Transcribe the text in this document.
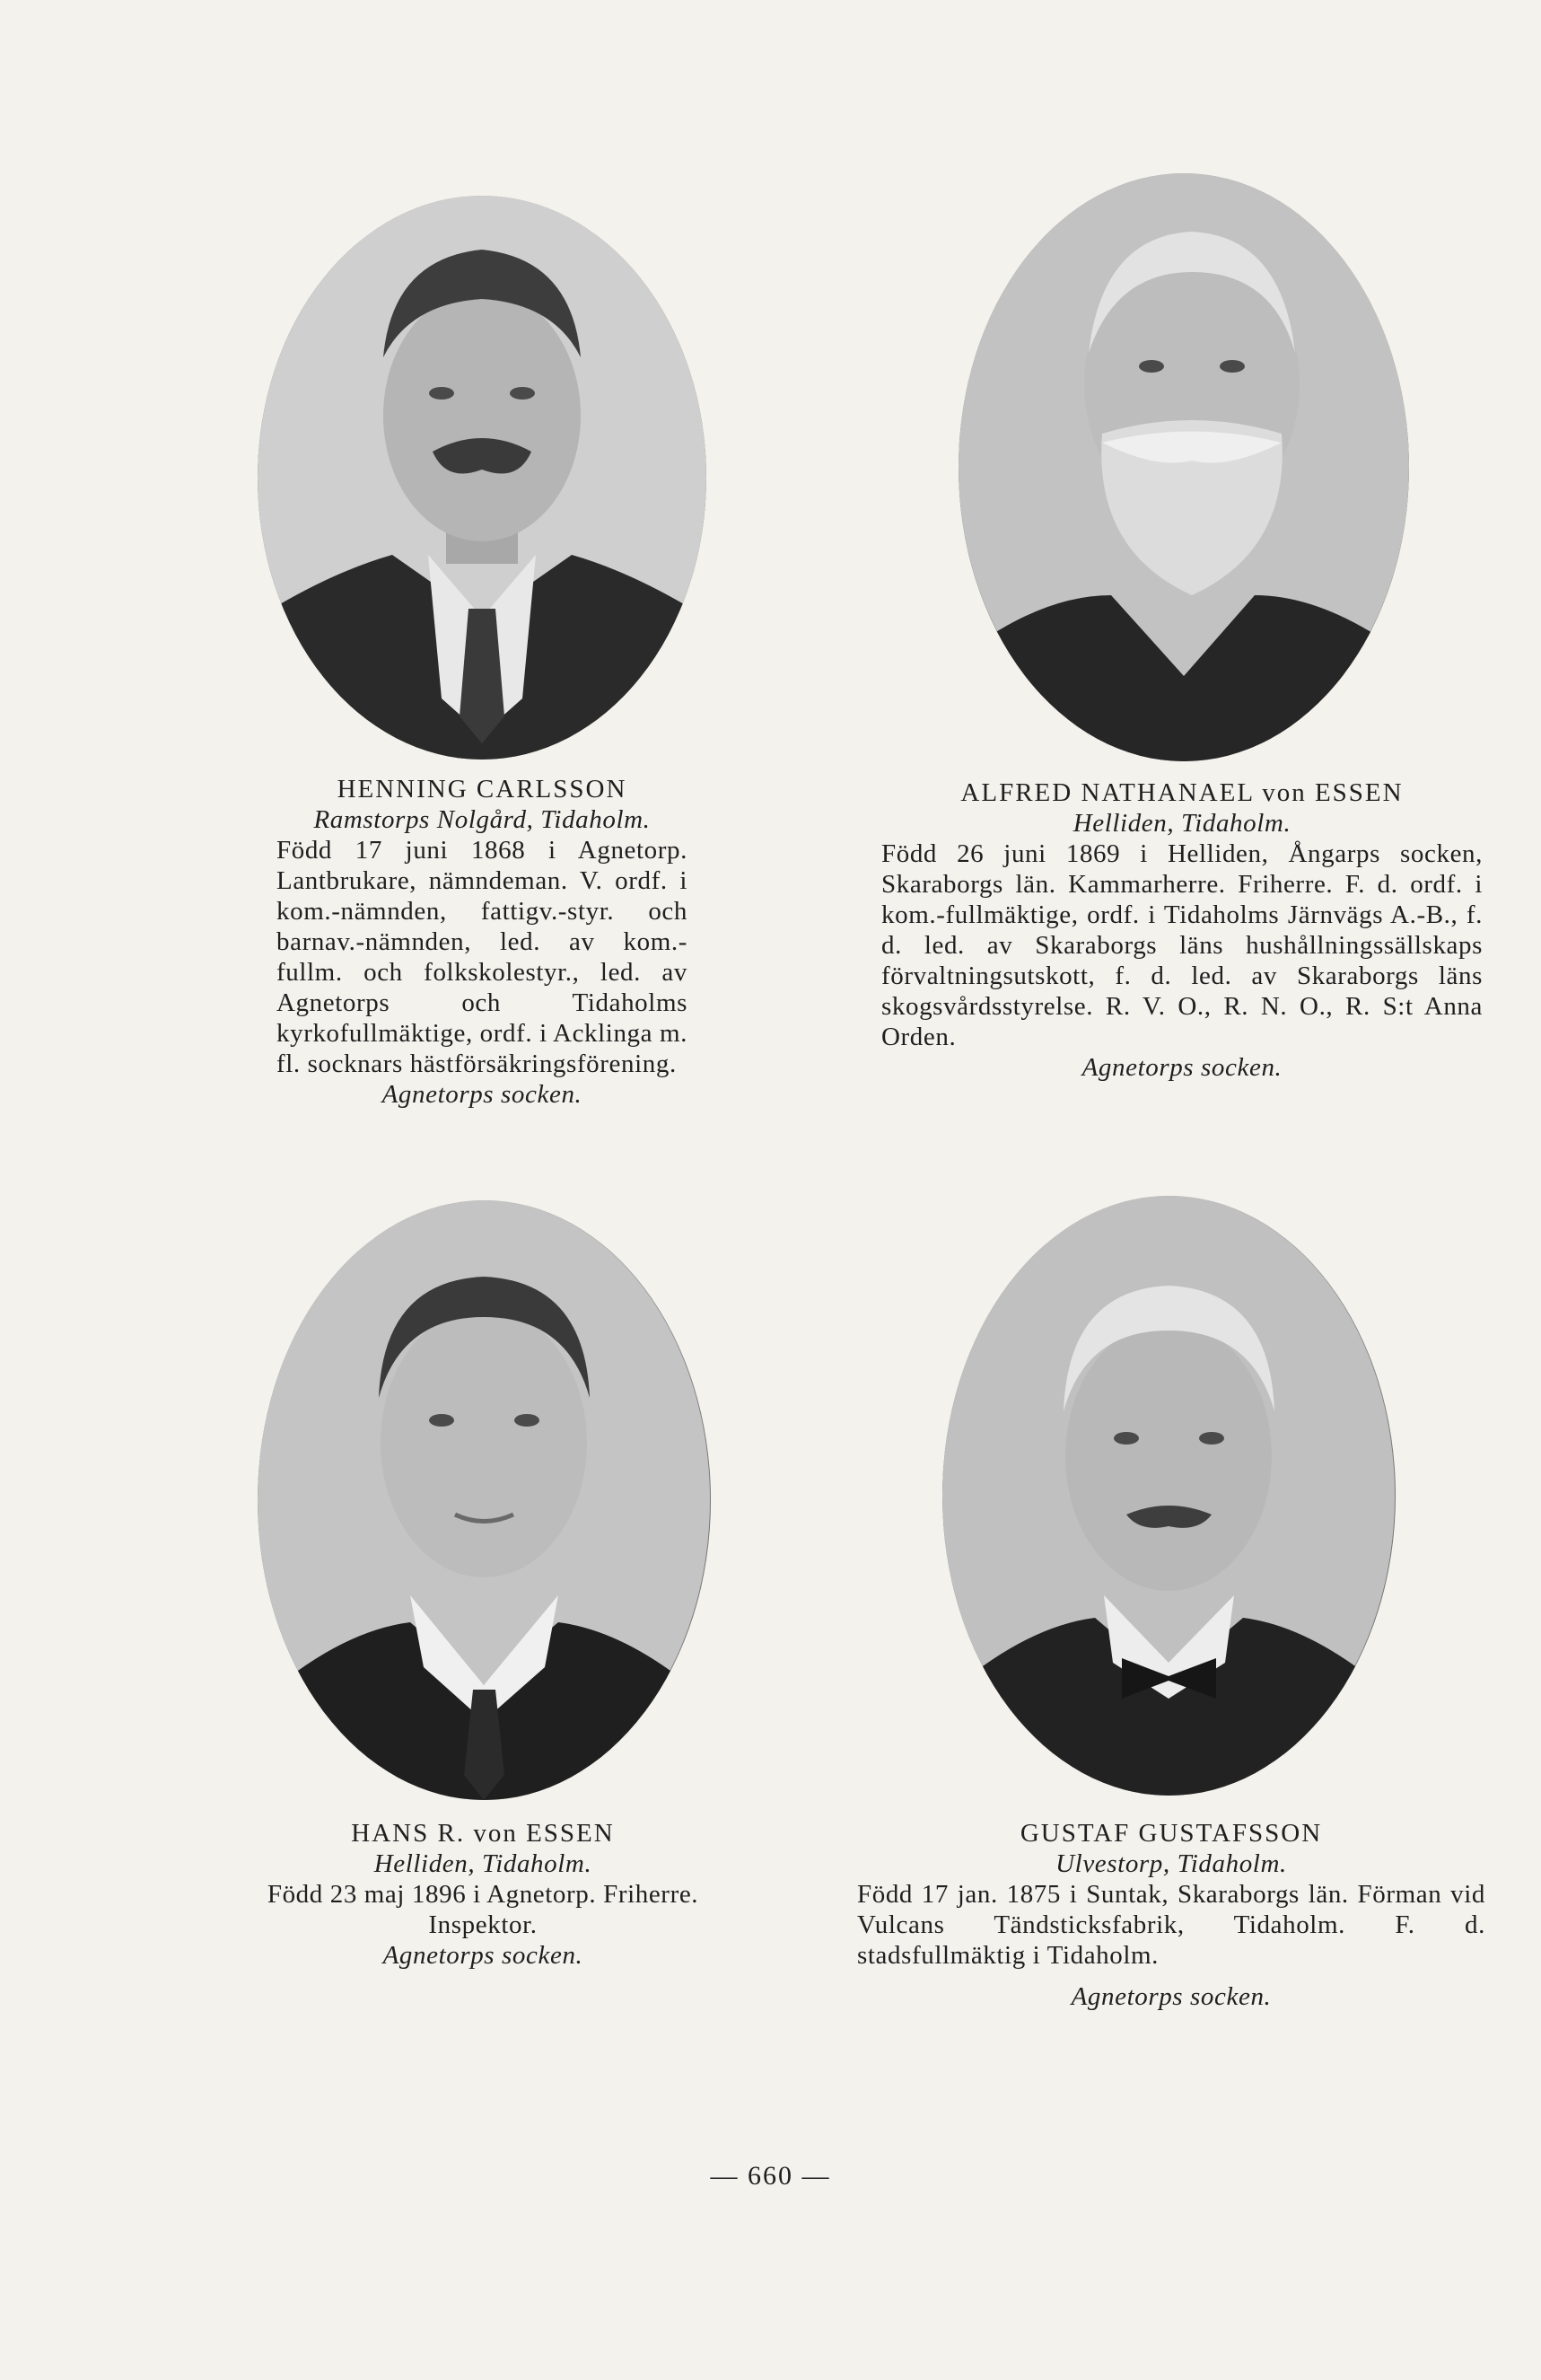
HENNING CARLSSON
Ramstorps Nolgård, Tidaholm.
Född 17 juni 1868 i Agnetorp. Lantbrukare, nämndeman. V. ordf. i kom.-nämnden, fattigv.-styr. och barnav.-nämnden, led. av kom.-fullm. och folkskolestyr., led. av Agnetorps och Tidaholms kyrkofullmäktige, ordf. i Acklinga m. fl. socknars hästförsäkringsförening.
Agnetorps socken.
ALFRED NATHANAEL von ESSEN
Helliden, Tidaholm.
Född 26 juni 1869 i Helliden, Ångarps socken, Skaraborgs län. Kammarherre. Friherre. F. d. ordf. i kom.-fullmäktige, ordf. i Tidaholms Järnvägs A.-B., f. d. led. av Skaraborgs läns hushållningssällskaps förvaltningsutskott, f. d. led. av Skaraborgs läns skogsvårdsstyrelse. R. V. O., R. N. O., R. S:t Anna Orden.
Agnetorps socken.
HANS R. von ESSEN
Helliden, Tidaholm.
Född 23 maj 1896 i Agnetorp. Friherre. Inspektor.
Agnetorps socken.
GUSTAF GUSTAFSSON
Ulvestorp, Tidaholm.
Född 17 jan. 1875 i Suntak, Skaraborgs län. Förman vid Vulcans Tändsticksfabrik, Tidaholm. F. d. stadsfullmäktig i Tidaholm.
Agnetorps socken.
— 660 —
